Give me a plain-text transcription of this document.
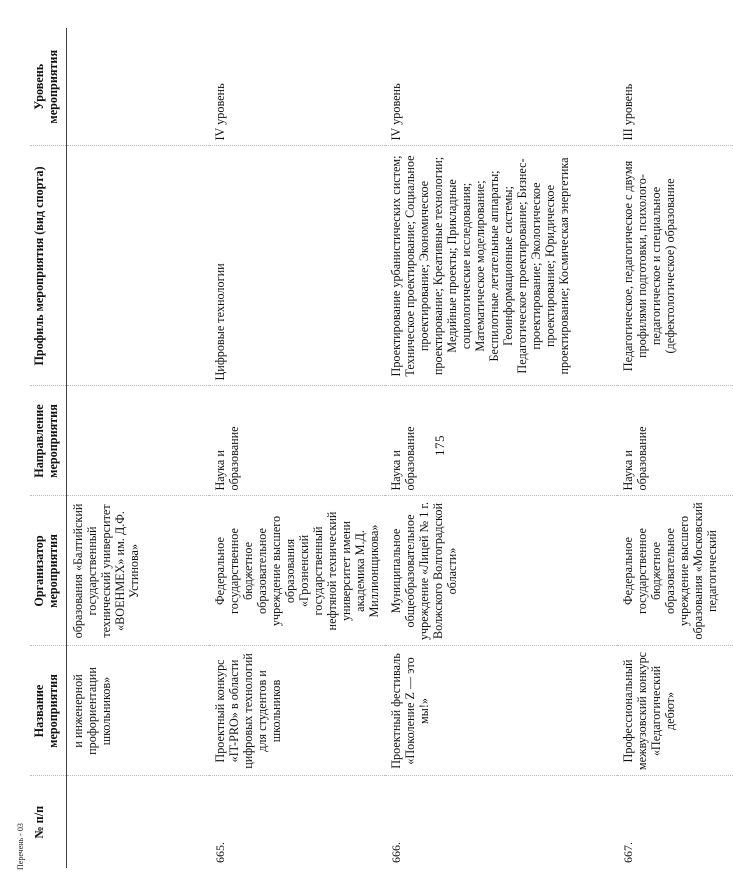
175
№ п/п	Название мероприятия	Организатор мероприятия	Направление мероприятия	Профиль мероприятия (вид спорта)	Уровень мероприятия
	и инженерной профориентации школьников»	образования «Балтийский государственный технический университет «ВОЕНМЕХ» им. Д.Ф. Устинова»			
665.	Проектный конкурс «IT-PRO» в области цифровых технологий для студентов и школьников	Федеральное государственное бюджетное образовательное учреждение высшего образования «Грозненский государственный нефтяной технический университет имени академика М.Д. Миллионщикова»	Наука и образование	Цифровые технологии	IV уровень
666.	Проектный фестиваль «Поколение Z — это мы!»	Муниципальное общеобразовательное учреждение «Лицей № 1 г. Волжского Волгоградской области»	Наука и образование	Проектирование урбанистических систем; Техническое проектирование; Социальное проектирование; Экономическое проектирование; Креативные технологии; Медийные проекты; Прикладные социологические исследования; Математическое моделирование; Беспилотные летательные аппараты; Геоинформационные системы; Педагогическое проектирование; Бизнес-проектирование; Экологическое проектирование; Юридическое проектирование; Космическая энергетика	IV уровень
667.	Профессиональный межвузовский конкурс «Педагогический дебют»	Федеральное государственное бюджетное образовательное учреждение высшего образования «Московский педагогический	Наука и образование	Педагогическое, педагогическое с двумя профилями подготовки, психолого-педагогическое и специальное (дефектологическое) образование	III уровень
Перечень - 03
